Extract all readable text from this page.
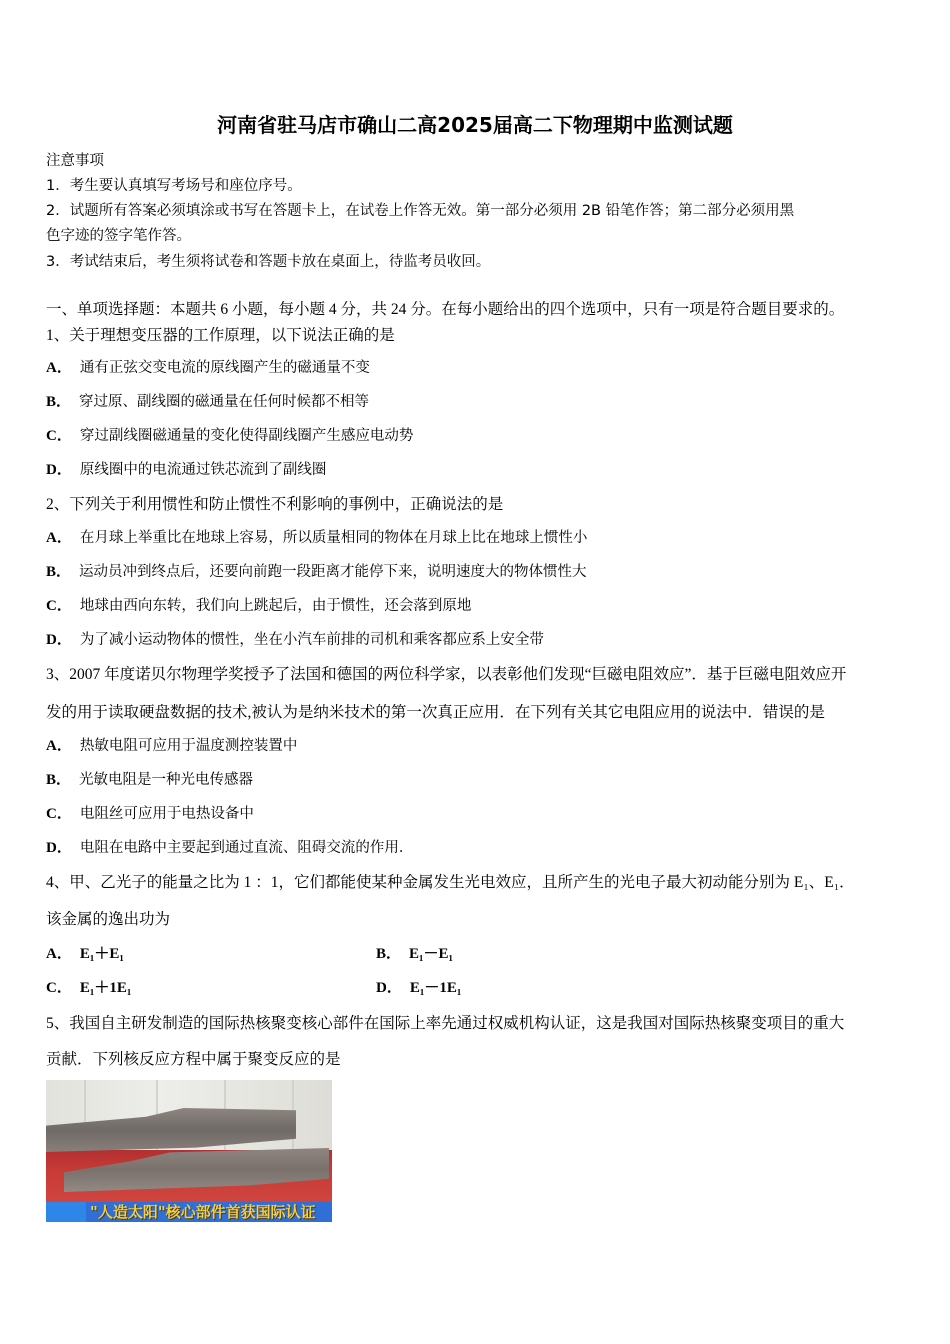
河南省驻马店市确山二高2025届高二下物理期中监测试题
注意事项
1．考生要认真填写考场号和座位序号。
2．试题所有答案必须填涂或书写在答题卡上，在试卷上作答无效。第一部分必须用 2B 铅笔作答；第二部分必须用黑
色字迹的签字笔作答。
3．考试结束后，考生须将试卷和答题卡放在桌面上，待监考员收回。
一、单项选择题：本题共 6 小题，每小题 4 分，共 24 分。在每小题给出的四个选项中，只有一项是符合题目要求的。
1、关于理想变压器的工作原理，以下说法正确的是
A． 通有正弦交变电流的原线圈产生的磁通量不变
B． 穿过原、副线圈的磁通量在任何时候都不相等
C． 穿过副线圈磁通量的变化使得副线圈产生感应电动势
D． 原线圈中的电流通过铁芯流到了副线圈
2、下列关于利用惯性和防止惯性不利影响的事例中，正确说法的是
A． 在月球上举重比在地球上容易，所以质量相同的物体在月球上比在地球上惯性小
B． 运动员冲到终点后，还要向前跑一段距离才能停下来，说明速度大的物体惯性大
C． 地球由西向东转，我们向上跳起后，由于惯性，还会落到原地
D． 为了减小运动物体的惯性，坐在小汽车前排的司机和乘客都应系上安全带
3、2007 年度诺贝尔物理学奖授予了法国和德国的两位科学家，以表彰他们发现“巨磁电阻效应”．基于巨磁电阻效应开
发的用于读取硬盘数据的技术,被认为是纳米技术的第一次真正应用．在下列有关其它电阻应用的说法中．错误的是
A． 热敏电阻可应用于温度测控装置中
B． 光敏电阻是一种光电传感器
C． 电阻丝可应用于电热设备中
D． 电阻在电路中主要起到通过直流、阻碍交流的作用．
4、甲、乙光子的能量之比为 1 ：1，它们都能使某种金属发生光电效应，且所产生的光电子最大初动能分别为 E₁、E₁．
该金属的逸出功为
A． E₁＋E₁	B． E₁－E₁
C． E₁＋1E₁	D． E₁－1E₁
5、我国自主研发制造的国际热核聚变核心部件在国际上率先通过权威机构认证，这是我国对国际热核聚变项目的重大
贡献．下列核反应方程中属于聚变反应的是
"人造太阳"核心部件首获国际认证
